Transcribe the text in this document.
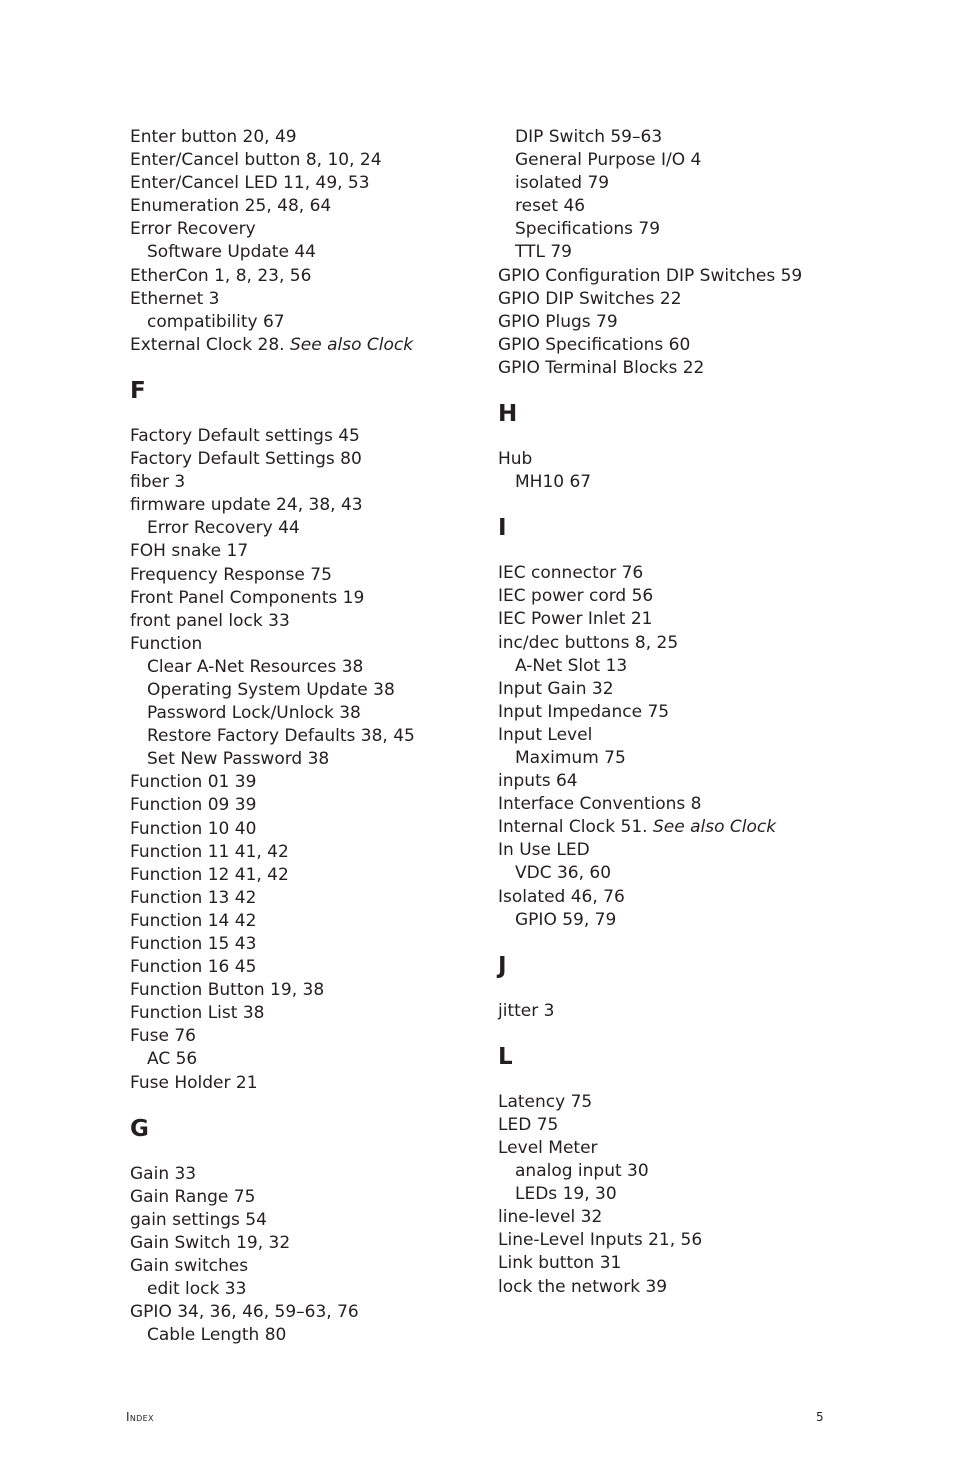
Enter button 20, 49
Enter/Cancel button 8, 10, 24
Enter/Cancel LED 11, 49, 53
Enumeration 25, 48, 64
Error Recovery
Software Update 44
EtherCon 1, 8, 23, 56
Ethernet 3
compatibility 67
External Clock 28. See also Clock
F
Factory Default settings 45
Factory Default Settings 80
fiber 3
firmware update 24, 38, 43
Error Recovery 44
FOH snake 17
Frequency Response 75
Front Panel Components 19
front panel lock 33
Function
Clear A-Net Resources 38
Operating System Update 38
Password Lock/Unlock 38
Restore Factory Defaults 38, 45
Set New Password 38
Function 01 39
Function 09 39
Function 10 40
Function 11 41, 42
Function 12 41, 42
Function 13 42
Function 14 42
Function 15 43
Function 16 45
Function Button 19, 38
Function List 38
Fuse 76
AC 56
Fuse Holder 21
G
Gain 33
Gain Range 75
gain settings 54
Gain Switch 19, 32
Gain switches
edit lock 33
GPIO 34, 36, 46, 59–63, 76
Cable Length 80
DIP Switch 59–63
General Purpose I/O 4
isolated 79
reset 46
Specifications 79
TTL 79
GPIO Configuration DIP Switches 59
GPIO DIP Switches 22
GPIO Plugs 79
GPIO Specifications 60
GPIO Terminal Blocks 22
H
Hub
MH10 67
I
IEC connector 76
IEC power cord 56
IEC Power Inlet 21
inc/dec buttons 8, 25
A-Net Slot 13
Input Gain 32
Input Impedance 75
Input Level
Maximum 75
inputs 64
Interface Conventions 8
Internal Clock 51. See also Clock
In Use LED
VDC 36, 60
Isolated 46, 76
GPIO 59, 79
J
jitter 3
L
Latency 75
LED 75
Level Meter
analog input 30
LEDs 19, 30
line-level 32
Line-Level Inputs 21, 56
Link button 31
lock the network 39
Index	5
